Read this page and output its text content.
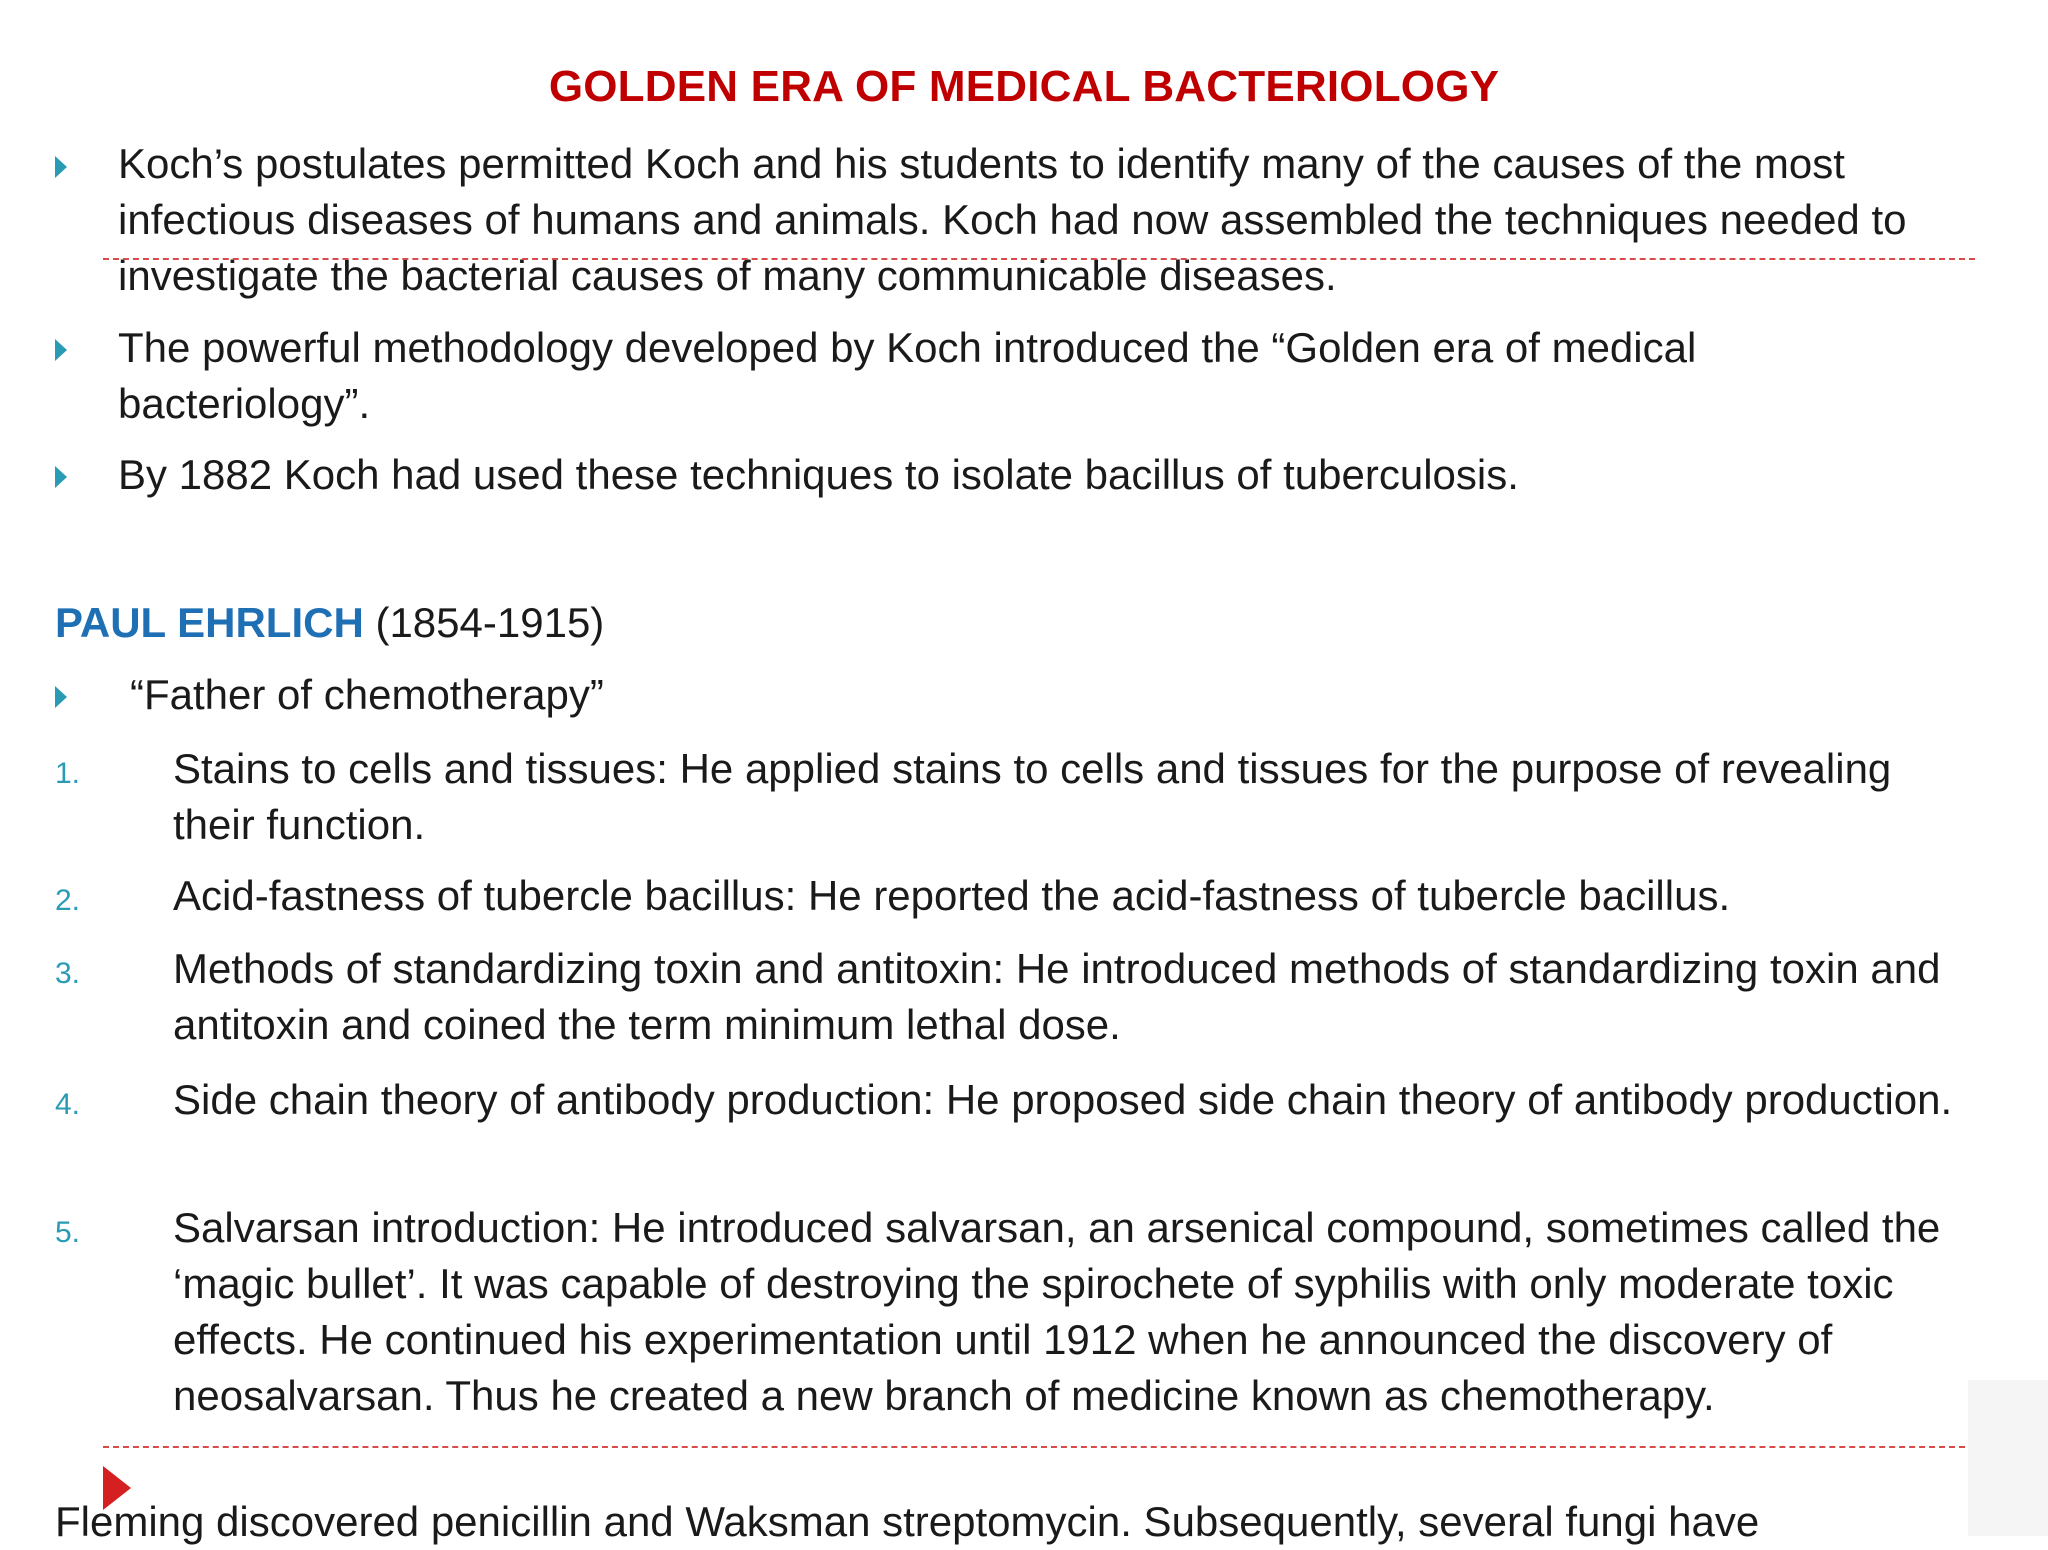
GOLDEN ERA OF MEDICAL BACTERIOLOGY
Koch’s postulates permitted Koch and his students to identify many of the causes of the most infectious diseases of humans and animals. Koch had now assembled the techniques needed to investigate the bacterial causes of many communicable diseases.
The powerful methodology developed by Koch introduced the “Golden era of medical bacteriology”.
By 1882 Koch had used these techniques to isolate bacillus of tuberculosis.
PAUL EHRLICH (1854-1915)
“Father of chemotherapy”
1. Stains to cells and tissues: He applied stains to cells and tissues for the purpose of revealing their function.
2. Acid-fastness of tubercle bacillus: He reported the acid-fastness of tubercle bacillus.
3. Methods of standardizing toxin and antitoxin: He introduced methods of standardizing toxin and antitoxin and coined the term minimum lethal dose.
4. Side chain theory of antibody production: He proposed side chain theory of antibody production.
5. Salvarsan introduction: He introduced salvarsan, an arsenical compound, sometimes called the ‘magic bullet’. It was capable of destroying the spirochete of syphilis with only moderate toxic effects. He continued his experimentation until 1912 when he announced the discovery of neosalvarsan. Thus he created a new branch of medicine known as chemotherapy.
Fleming discovered penicillin and Waksman streptomycin. Subsequently, several fungi have
